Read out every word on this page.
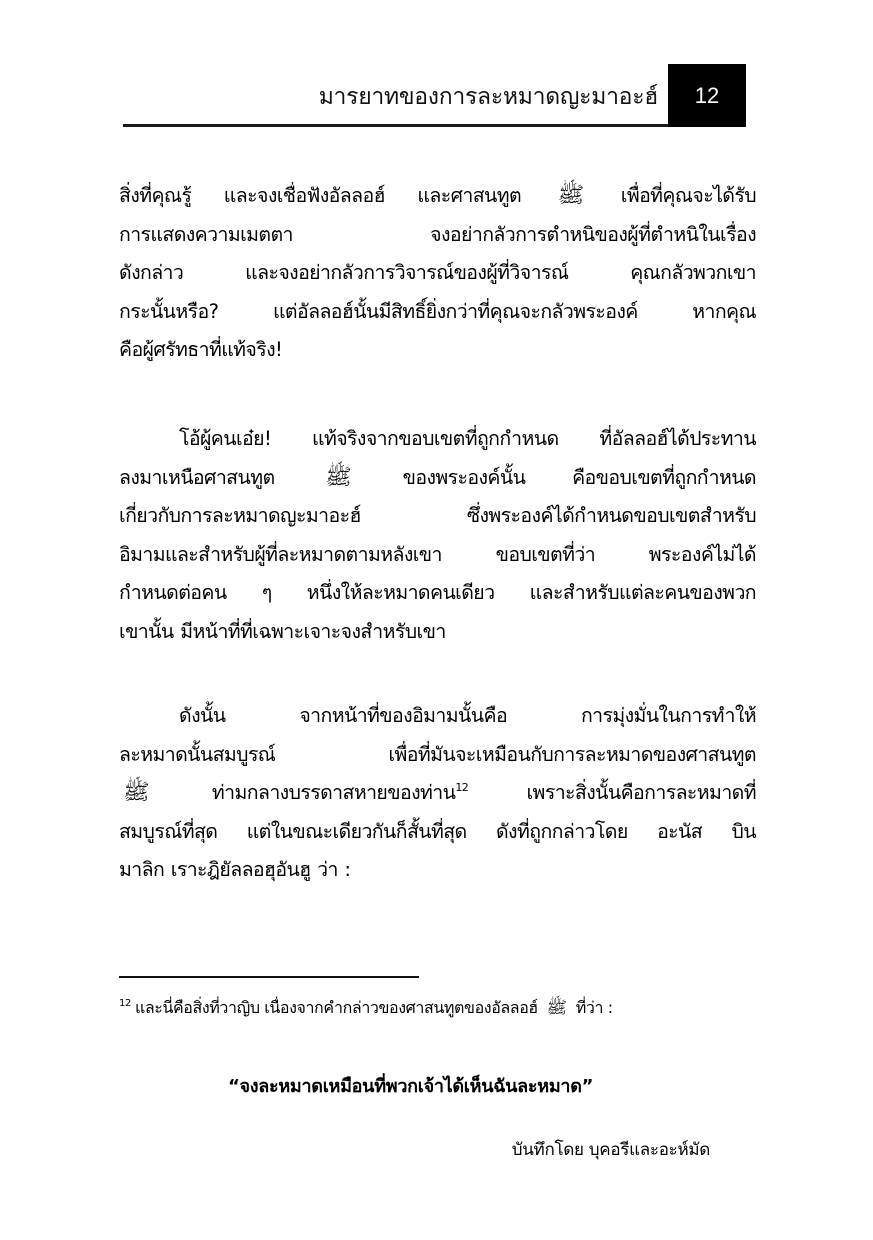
มารยาทของการละหมาดญะมาอะฮ์ 12
สิ่งที่คุณรู้ และจงเชื่อฟังอัลลอฮ์ และศาสนทูต ﷺ เพื่อที่คุณจะได้รับ
การแสดงความเมตตา จงอย่ากลัวการตำหนิของผู้ที่ตำหนิในเรื่อง
ดังกล่าว และจงอย่ากลัวการวิจารณ์ของผู้ที่วิจารณ์ คุณกลัวพวกเขา
กระนั้นหรือ? แต่อัลลอฮ์นั้นมีสิทธิ์ยิ่งกว่าที่คุณจะกลัวพระองค์ หากคุณ
คือผู้ศรัทธาที่แท้จริง!
โอ้ผู้คนเอ๋ย! แท้จริงจากขอบเขตที่ถูกกำหนด ที่อัลลอฮ์ได้ประทาน
ลงมาเหนือศาสนทูต ﷺ	ของพระองค์นั้น คือขอบเขตที่ถูกกำหนด
เกี่ยวกับการละหมาดญะมาอะฮ์ ซึ่งพระองค์ได้กำหนดขอบเขตสำหรับ
อิมามและสำหรับผู้ที่ละหมาดตามหลังเขา ขอบเขตที่ว่า พระองค์ไม่ได้
กำหนดต่อคน ๆ หนึ่งให้ละหมาดคนเดียว และสำหรับแต่ละคนของพวก
เขานั้น มีหน้าที่ที่เฉพาะเจาะจงสำหรับเขา
ดังนั้น จากหน้าที่ของอิมามนั้นคือ การมุ่งมั่นในการทำให้
ละหมาดนั้นสมบูรณ์ เพื่อที่มันจะเหมือนกับการละหมาดของศาสนทูต
ﷺ	ท่ามกลางบรรดาสหายของท่าน$^{12}$ เพราะสิ่งนั้นคือการละหมาดที่
สมบูรณ์ที่สุด แต่ในขณะเดียวกันก็สั้นที่สุด ดังที่ถูกกล่าวโดย อะนัส บิน
มาลิก เราะฎิยัลลอฮุอันฮู ว่า :
$^{12}$ และนี่คือสิ่งที่วาญิบ เนื่องจากคำกล่าวของศาสนทูตของอัลลอฮ์ ﷺ ที่ว่า :
“จงละหมาดเหมือนที่พวกเจ้าได้เห็นฉันละหมาด”
บันทึกโดย บุคอรีและอะห์มัด
